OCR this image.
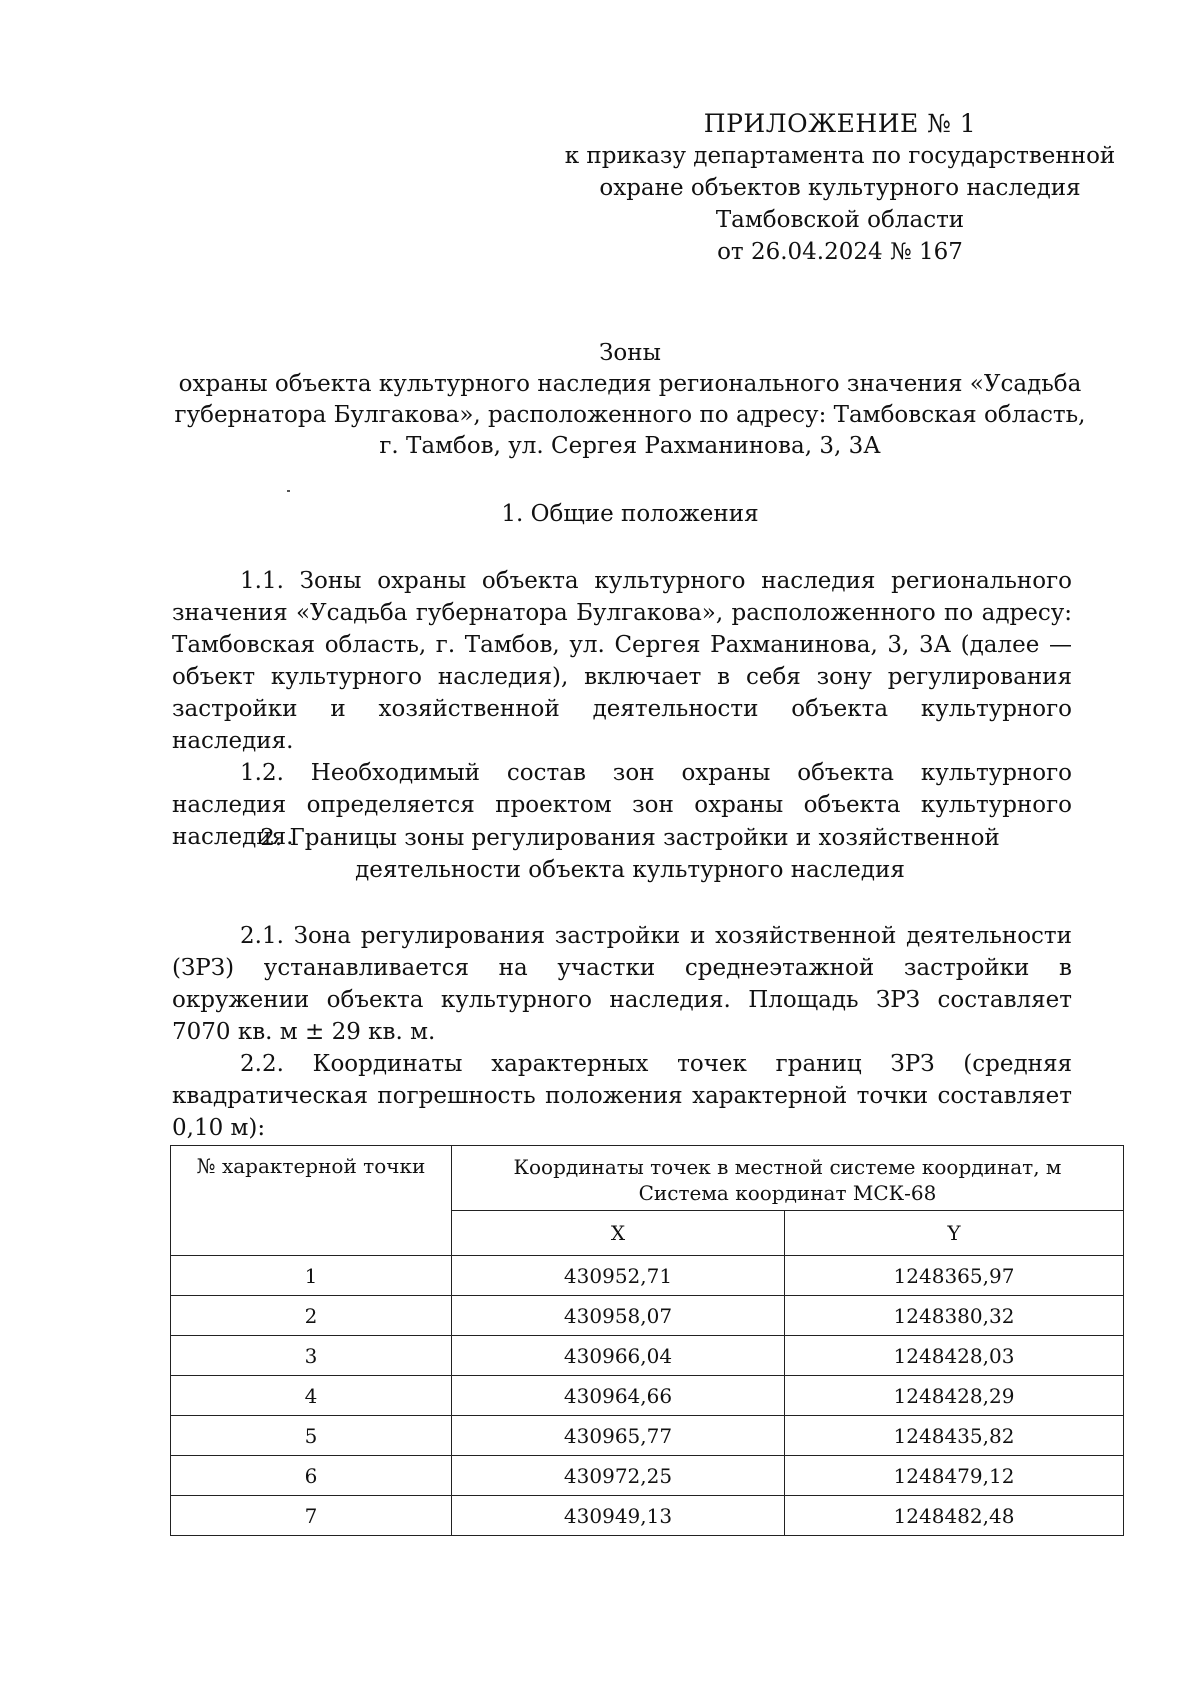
ПРИЛОЖЕНИЕ № 1
к приказу департамента по государственной
охране объектов культурного наследия
Тамбовской области
от 26.04.2024 № 167
Зоны
охраны объекта культурного наследия регионального значения «Усадьба
губернатора Булгакова», расположенного по адресу: Тамбовская область,
г. Тамбов, ул. Сергея Рахманинова, 3, 3А
1. Общие положения

1.1. Зоны охраны объекта культурного наследия регионального значения «Усадьба губернатора Булгакова», расположенного по адресу: Тамбовская область, г. Тамбов, ул. Сергея Рахманинова, 3, 3А (далее — объект культурного наследия), включает в себя зону регулирования застройки и хозяйственной деятельности объекта культурного наследия.

1.2. Необходимый состав зон охраны объекта культурного наследия определяется проектом зон охраны объекта культурного наследия.

2. Границы зоны регулирования застройки и хозяйственной
деятельности объекта культурного наследия

2.1. Зона регулирования застройки и хозяйственной деятельности (ЗРЗ) устанавливается на участки среднеэтажной застройки в окружении объекта культурного наследия. Площадь ЗРЗ составляет 7070 кв. м ± 29 кв. м.

2.2. Координаты характерных точек границ ЗРЗ (средняя квадратическая погрешность положения характерной точки составляет 0,10 м):

№ характерной точки	Координаты точек в местной системе координат, м
Система координат МСК-68	

	X	Y
1	430952,71	1248365,97
2	430958,07	1248380,32
3	430966,04	1248428,03
4	430964,66	1248428,29
5	430965,77	1248435,82
6	430972,25	1248479,12
7	430949,13	1248482,48
